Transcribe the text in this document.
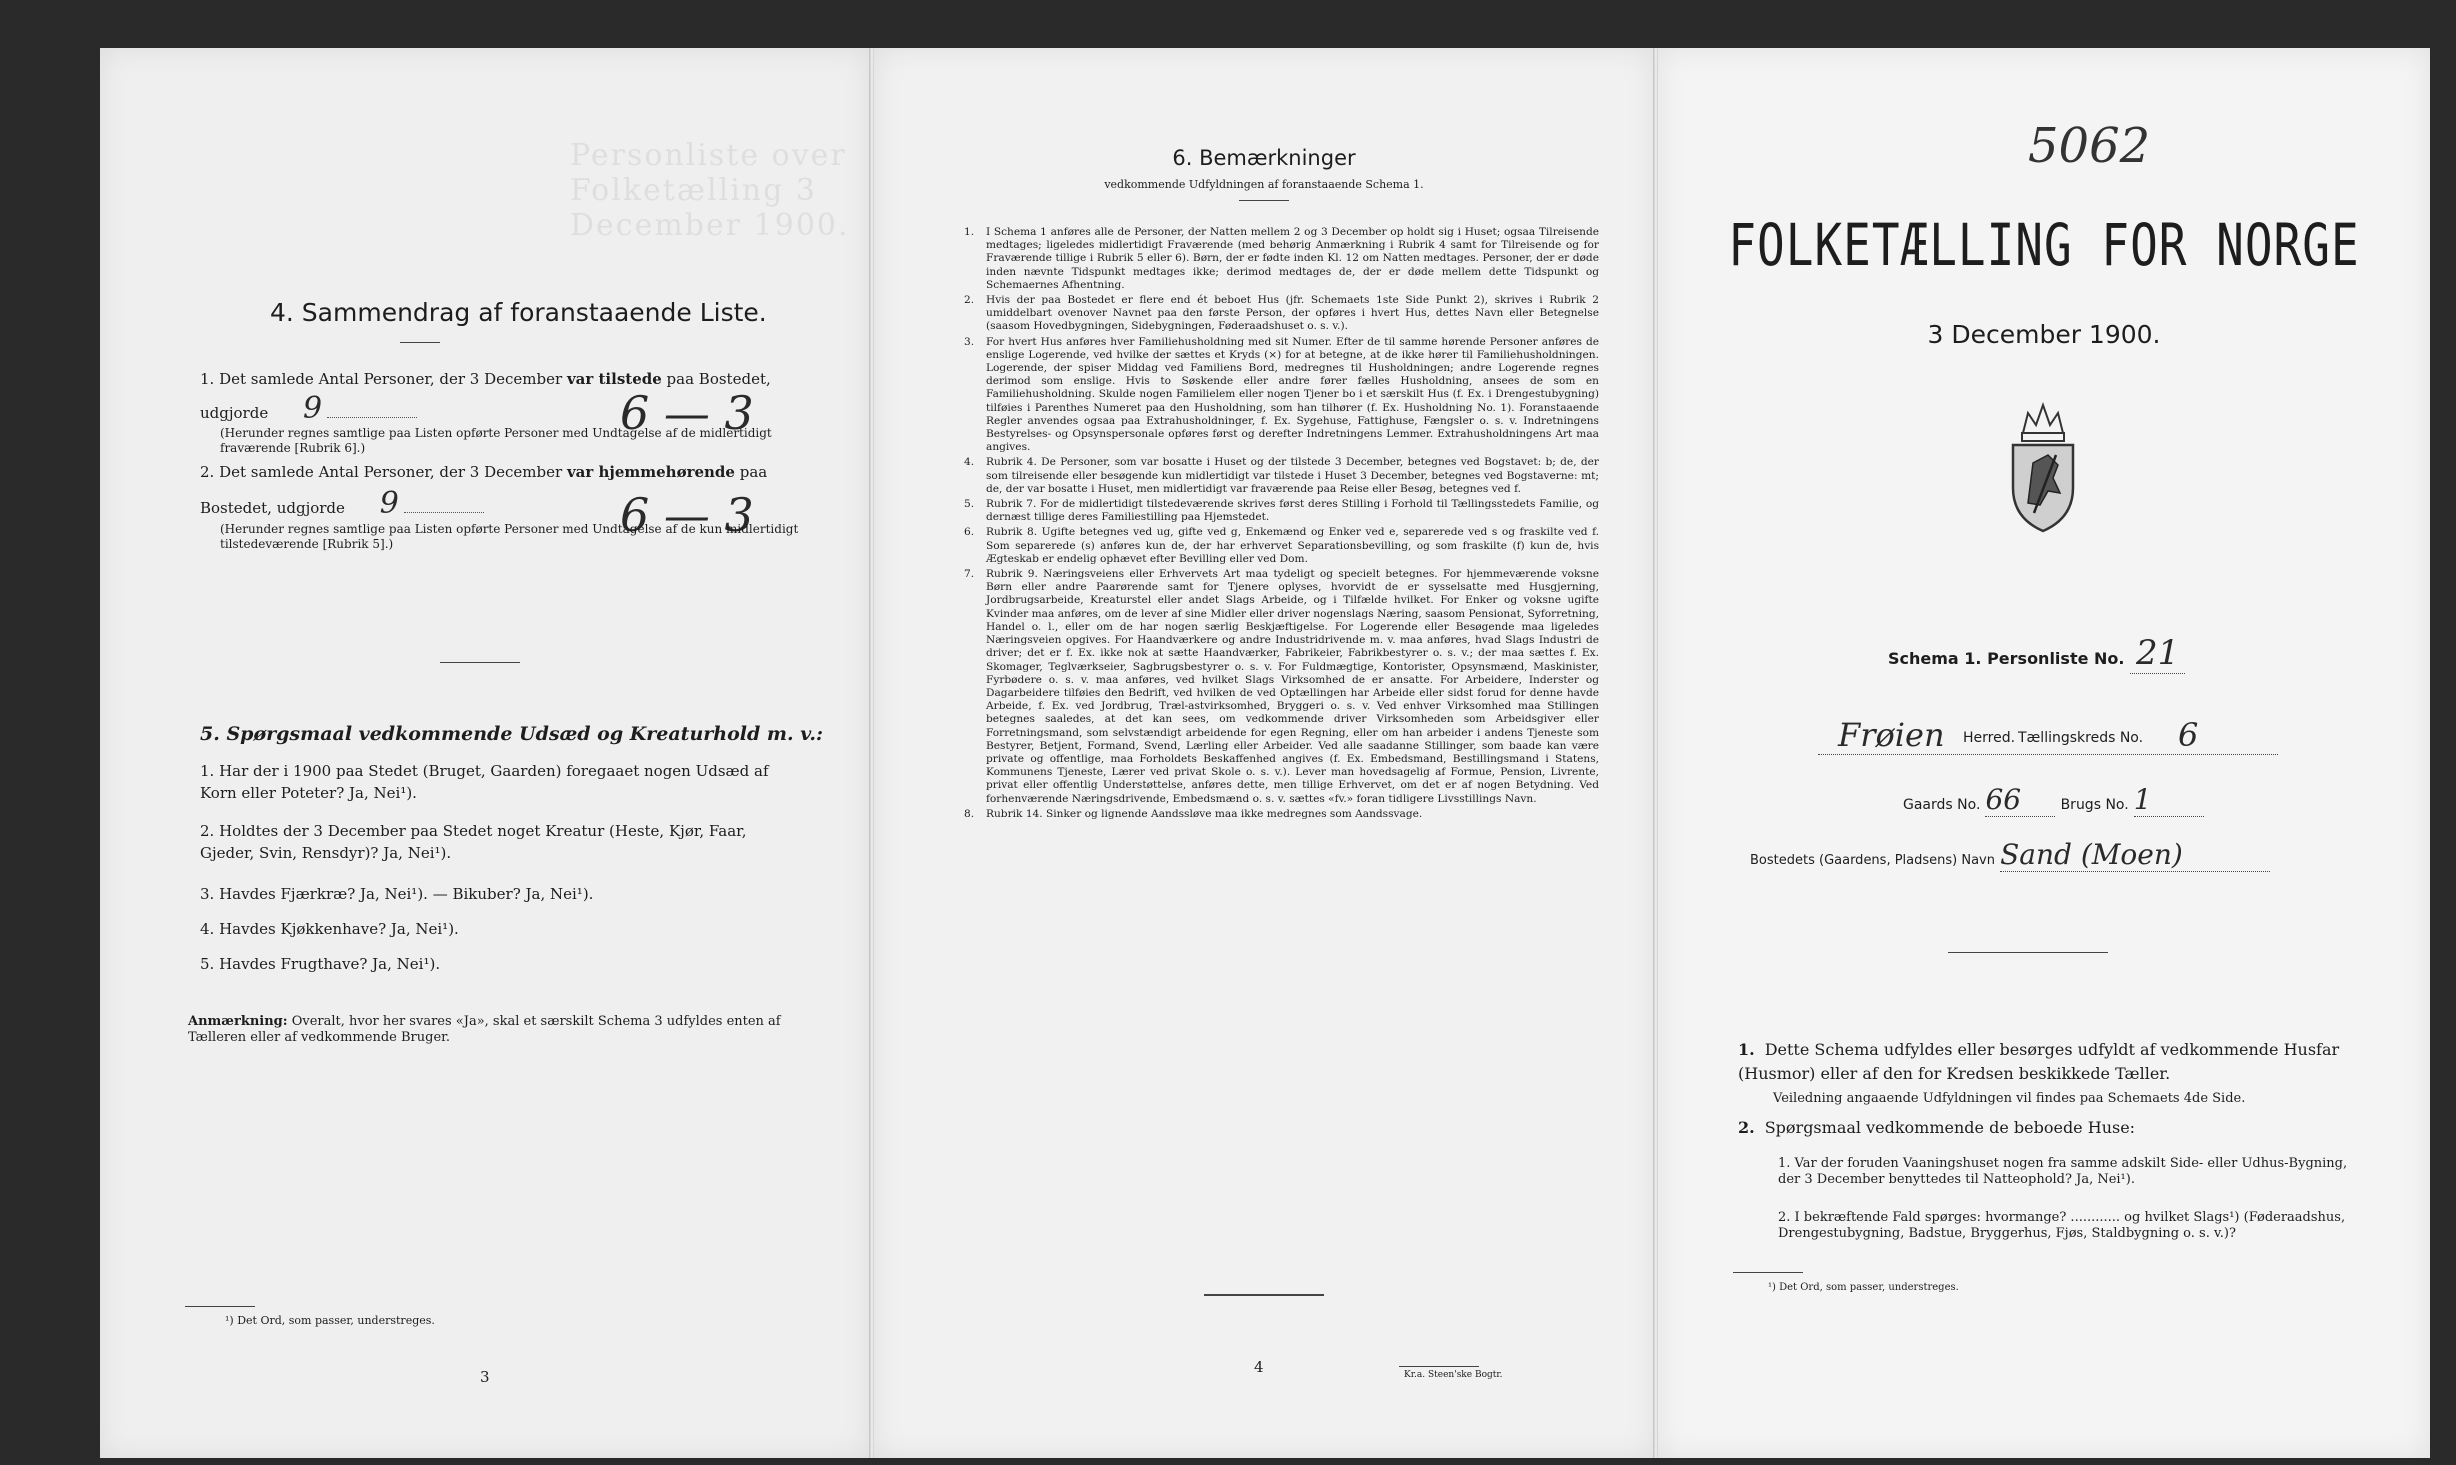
Personliste over Folketælling 3 December 1900.
4. Sammendrag af foranstaaende Liste.
1. Det samlede Antal Personer, der 3 December var tilstede paa Bostedet,
udgjorde 9	6 — 3
(Herunder regnes samtlige paa Listen opførte Personer med Undtagelse af de midlertidigt fraværende [Rubrik 6].)
2. Det samlede Antal Personer, der 3 December var hjemmehørende paa
Bostedet, udgjorde 9	6 — 3
(Herunder regnes samtlige paa Listen opførte Personer med Undtagelse af de kun midlertidigt tilstedeværende [Rubrik 5].)
5. Spørgsmaal vedkommende Udsæd og Kreaturhold m. v.:
1. Har der i 1900 paa Stedet (Bruget, Gaarden) foregaaet nogen Udsæd af Korn eller Poteter? Ja, Nei¹).
2. Holdtes der 3 December paa Stedet noget Kreatur (Heste, Kjør, Faar, Gjeder, Svin, Rensdyr)? Ja, Nei¹).
3. Havdes Fjærkræ? Ja, Nei¹). — Bikuber? Ja, Nei¹).
4. Havdes Kjøkkenhave? Ja, Nei¹).
5. Havdes Frugthave? Ja, Nei¹).
Anmærkning: Overalt, hvor her svares «Ja», skal et særskilt Schema 3 udfyldes enten af Tælleren eller af vedkommende Bruger.
¹) Det Ord, som passer, understreges.
3
6. Bemærkninger
vedkommende Udfyldningen af foranstaaende Schema 1.
1. I Schema 1 anføres alle de Personer, der Natten mellem 2 og 3 December op holdt sig i Huset; ogsaa Tilreisende medtages; ligeledes midlertidigt Fraværende (med behørig Anmærkning i Rubrik 4 samt for Tilreisende og for Fraværende tillige i Rubrik 5 eller 6). Børn, der er fødte inden Kl. 12 om Natten medtages. Personer, der er døde inden nævnte Tidspunkt medtages ikke; derimod medtages de, der er døde mellem dette Tidspunkt og Schemaernes Afhentning.
2. Hvis der paa Bostedet er flere end ét beboet Hus (jfr. Schemaets 1ste Side Punkt 2), skrives i Rubrik 2 umiddelbart ovenover Navnet paa den første Person, der opføres i hvert Hus, dettes Navn eller Betegnelse (saasom Hovedbygningen, Sidebygningen, Føderaadshuset o. s. v.).
3. For hvert Hus anføres hver Familiehusholdning med sit Numer. Efter de til samme hørende Personer anføres de enslige Logerende, ved hvilke der sættes et Kryds (×) for at betegne, at de ikke hører til Familiehusholdningen. Logerende, der spiser Middag ved Familiens Bord, medregnes til Husholdningen; andre Logerende regnes derimod som enslige. Hvis to Søskende eller andre fører fælles Husholdning, ansees de som en Familiehusholdning. Skulde nogen Familielem eller nogen Tjener bo i et særskilt Hus (f. Ex. i Drengestubygning) tilføies i Parenthes Numeret paa den Husholdning, som han tilhører (f. Ex. Husholdning No. 1). Foranstaaende Regler anvendes ogsaa paa Extrahusholdninger, f. Ex. Sygehuse, Fattighuse, Fængsler o. s. v. Indretningens Bestyrelses- og Opsynspersonale opføres først og derefter Indretningens Lemmer. Extrahusholdningens Art maa angives.
4. Rubrik 4. De Personer, som var bosatte i Huset og der tilstede 3 December, betegnes ved Bogstavet: b; de, der som tilreisende eller besøgende kun midlertidigt var tilstede i Huset 3 December, betegnes ved Bogstaverne: mt; de, der var bosatte i Huset, men midlertidigt var fraværende paa Reise eller Besøg, betegnes ved f.
5. Rubrik 7. For de midlertidigt tilstedeværende skrives først deres Stilling i Forhold til Tællingsstedets Familie, og dernæst tillige deres Familiestilling paa Hjemstedet.
6. Rubrik 8. Ugifte betegnes ved ug, gifte ved g, Enkemænd og Enker ved e, separerede ved s og fraskilte ved f. Som separerede (s) anføres kun de, der har erhvervet Separationsbevilling, og som fraskilte (f) kun de, hvis Ægteskab er endelig ophævet efter Bevilling eller ved Dom.
7. Rubrik 9. Næringsveiens eller Erhvervets Art maa tydeligt og specielt betegnes. For hjemmeværende voksne Børn eller andre Paarørende samt for Tjenere oplyses, hvorvidt de er sysselsatte med Husgjerning, Jordbrugsarbeide, Kreaturstel eller andet Slags Arbeide, og i Tilfælde hvilket. For Enker og voksne ugifte Kvinder maa anføres, om de lever af sine Midler eller driver nogenslags Næring, saasom Pensionat, Syforretning, Handel o. l., eller om de har nogen særlig Beskjæftigelse. For Logerende eller Besøgende maa ligeledes Næringsveien opgives. For Haandværkere og andre Industridrivende m. v. maa anføres, hvad Slags Industri de driver; det er f. Ex. ikke nok at sætte Haandværker, Fabrikeier, Fabrikbestyrer o. s. v.; der maa sættes f. Ex. Skomager, Teglværkseier, Sagbrugsbestyrer o. s. v. For Fuldmægtige, Kontorister, Opsynsmænd, Maskinister, Fyrbødere o. s. v. maa anføres, ved hvilket Slags Virksomhed de er ansatte. For Arbeidere, Inderster og Dagarbeidere tilføies den Bedrift, ved hvilken de ved Optællingen har Arbeide eller sidst forud for denne havde Arbeide, f. Ex. ved Jordbrug, Træl-astvirksomhed, Bryggeri o. s. v. Ved enhver Virksomhed maa Stillingen betegnes saaledes, at det kan sees, om vedkommende driver Virksomheden som Arbeidsgiver eller Forretningsmand, som selvstændigt arbeidende for egen Regning, eller om han arbeider i andens Tjeneste som Bestyrer, Betjent, Formand, Svend, Lærling eller Arbeider. Ved alle saadanne Stillinger, som baade kan være private og offentlige, maa Forholdets Beskaffenhed angives (f. Ex. Embedsmand, Bestillingsmand i Statens, Kommunens Tjeneste, Lærer ved privat Skole o. s. v.). Lever man hovedsagelig af Formue, Pension, Livrente, privat eller offentlig Understøttelse, anføres dette, men tillige Erhvervet, om det er af nogen Betydning. Ved forhenværende Næringsdrivende, Embedsmænd o. s. v. sættes «fv.» foran tidligere Livsstillings Navn.
8. Rubrik 14. Sinker og lignende Aandssløve maa ikke medregnes som Aandssvage.
4	Kr.a. Steen'ske Bogtr.
5062
FOLKETÆLLING FOR NORGE
3 December 1900.
Schema 1. Personliste No. 21
Frøien Herred. Tællingskreds No. 6
Gaards No. 66	Brugs No. 1
Bostedets (Gaardens, Pladsens) Navn Sand (Moen)
1. Dette Schema udfyldes eller besørges udfyldt af vedkommende Husfar (Husmor) eller af den for Kredsen beskikkede Tæller.
Veiledning angaaende Udfyldningen vil findes paa Schemaets 4de Side.
2. Spørgsmaal vedkommende de beboede Huse:
1. Var der foruden Vaaningshuset nogen fra samme adskilt Side- eller Udhus-Bygning, der 3 December benyttedes til Natteophold? Ja, Nei¹).
2. I bekræftende Fald spørges: hvormange? ............ og hvilket Slags¹) (Føderaadshus, Drengestubygning, Badstue, Bryggerhus, Fjøs, Staldbygning o. s. v.)?
¹) Det Ord, som passer, understreges.
